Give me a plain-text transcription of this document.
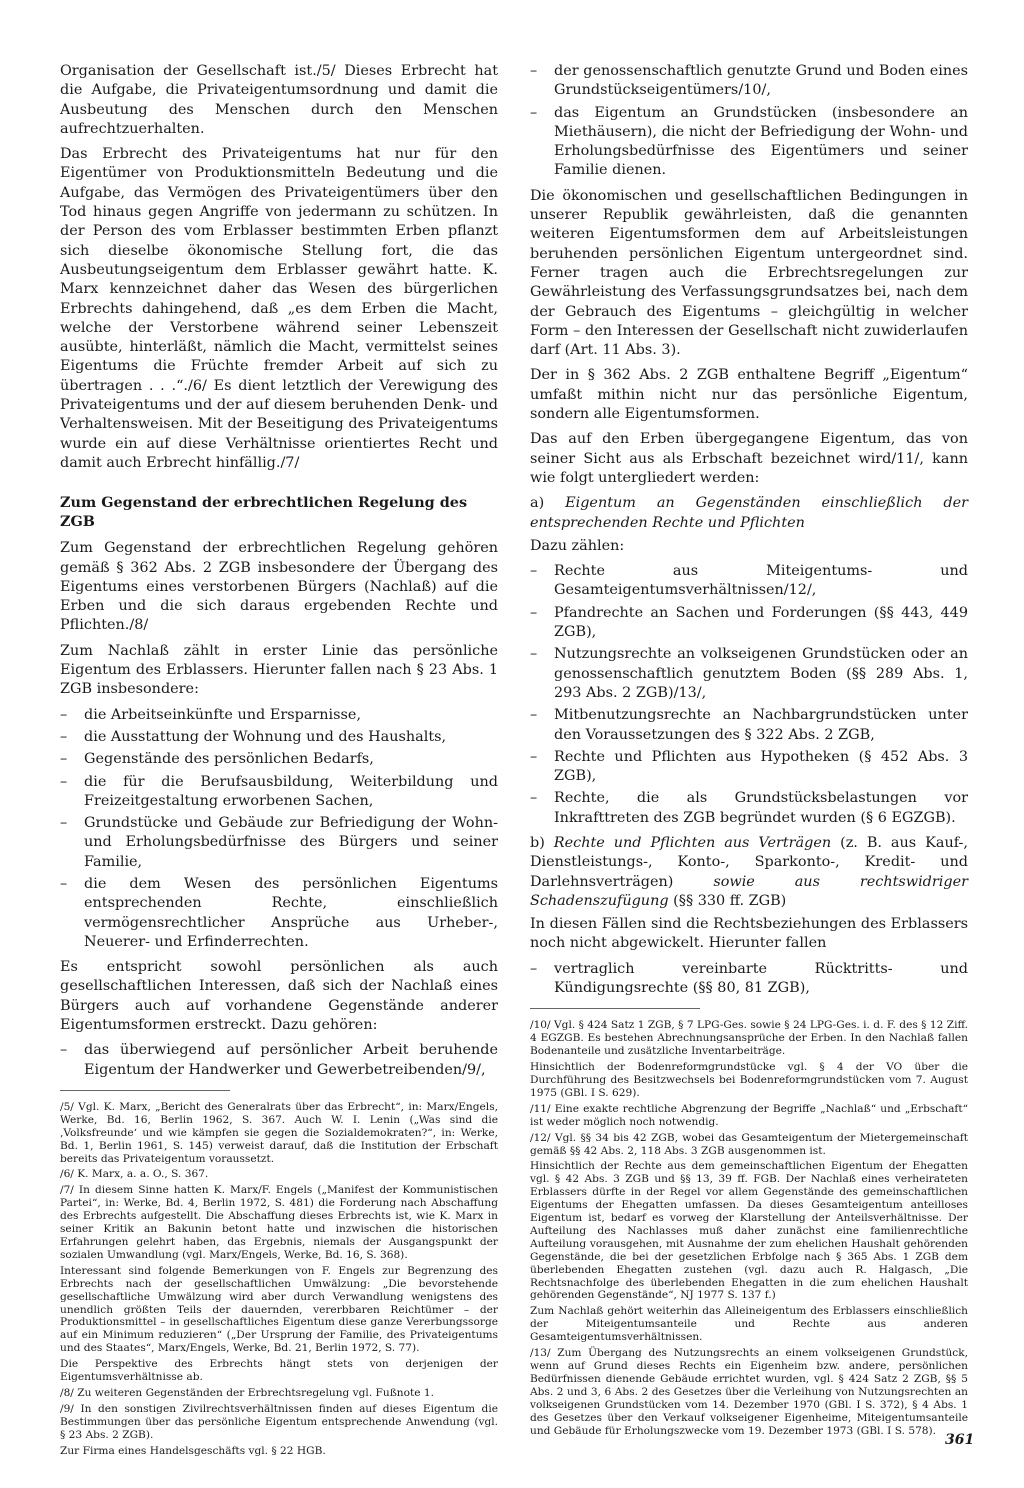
Organisation der Gesellschaft ist./5/ Dieses Erbrecht hat die Aufgabe, die Privateigentumsordnung und damit die Ausbeutung des Menschen durch den Menschen aufrechtzuerhalten.

Das Erbrecht des Privateigentums hat nur für den Eigentümer von Produktionsmitteln Bedeutung und die Aufgabe, das Vermögen des Privateigentümers über den Tod hinaus gegen Angriffe von jedermann zu schützen. In der Person des vom Erblasser bestimmten Erben pflanzt sich dieselbe ökonomische Stellung fort, die das Ausbeutungseigentum dem Erblasser gewährt hatte. K. Marx kennzeichnet daher das Wesen des bürgerlichen Erbrechts dahingehend, daß „es dem Erben die Macht, welche der Verstorbene während seiner Lebenszeit ausübte, hinterläßt, nämlich die Macht, vermittelst seines Eigentums die Früchte fremder Arbeit auf sich zu übertragen . . .“./6/ Es dient letztlich der Verewigung des Privateigentums und der auf diesem beruhenden Denk- und Verhaltensweisen. Mit der Beseitigung des Privateigentums wurde ein auf diese Verhältnisse orientiertes Recht und damit auch Erbrecht hinfällig./7/

Zum Gegenstand der erbrechtlichen Regelung des ZGB

Zum Gegenstand der erbrechtlichen Regelung gehören gemäß § 362 Abs. 2 ZGB insbesondere der Übergang des Eigentums eines verstorbenen Bürgers (Nachlaß) auf die Erben und die sich daraus ergebenden Rechte und Pflichten./8/

Zum Nachlaß zählt in erster Linie das persönliche Eigentum des Erblassers. Hierunter fallen nach § 23 Abs. 1 ZGB insbesondere:

– die Arbeitseinkünfte und Ersparnisse,
– die Ausstattung der Wohnung und des Haushalts,
– Gegenstände des persönlichen Bedarfs,
– die für die Berufsausbildung, Weiterbildung und Freizeitgestaltung erworbenen Sachen,
– Grundstücke und Gebäude zur Befriedigung der Wohn- und Erholungsbedürfnisse des Bürgers und seiner Familie,
– die dem Wesen des persönlichen Eigentums entsprechenden Rechte, einschließlich vermögensrechtlicher Ansprüche aus Urheber-, Neuerer- und Erfinderrechten.

Es entspricht sowohl persönlichen als auch gesellschaftlichen Interessen, daß sich der Nachlaß eines Bürgers auch auf vorhandene Gegenstände anderer Eigentumsformen erstreckt. Dazu gehören:

– das überwiegend auf persönlicher Arbeit beruhende Eigentum der Handwerker und Gewerbetreibenden/9/,

/5/ Vgl. K. Marx, „Bericht des Generalrats über das Erbrecht“, in: Marx/Engels, Werke, Bd. 16, Berlin 1962, S. 367. Auch W. I. Lenin („Was sind die ‚Volksfreunde‘ und wie kämpfen sie gegen die Sozialdemokraten?“, in: Werke, Bd. 1, Berlin 1961, S. 145) verweist darauf, daß die Institution der Erbschaft bereits das Privateigentum voraussetzt.

/6/ K. Marx, a. a. O., S. 367.

/7/ In diesem Sinne hatten K. Marx/F. Engels („Manifest der Kommunistischen Partei“, in: Werke, Bd. 4, Berlin 1972, S. 481) die Forderung nach Abschaffung des Erbrechts aufgestellt. Die Abschaffung dieses Erbrechts ist, wie K. Marx in seiner Kritik an Bakunin betont hatte und inzwischen die historischen Erfahrungen gelehrt haben, das Ergebnis, niemals der Ausgangspunkt der sozialen Umwandlung (vgl. Marx/Engels, Werke, Bd. 16, S. 368).

Interessant sind folgende Bemerkungen von F. Engels zur Begrenzung des Erbrechts nach der gesellschaftlichen Umwälzung: „Die bevorstehende gesellschaftliche Umwälzung wird aber durch Verwandlung wenigstens des unendlich größten Teils der dauernden, vererbbaren Reichtümer – der Produktionsmittel – in gesellschaftliches Eigentum diese ganze Vererbungssorge auf ein Minimum reduzieren“ („Der Ursprung der Familie, des Privateigentums und des Staates“, Marx/Engels, Werke, Bd. 21, Berlin 1972, S. 77).

Die Perspektive des Erbrechts hängt stets von derjenigen der Eigentumsverhältnisse ab.

/8/ Zu weiteren Gegenständen der Erbrechtsregelung vgl. Fußnote 1.

/9/ In den sonstigen Zivilrechtsverhältnissen finden auf dieses Eigentum die Bestimmungen über das persönliche Eigentum entsprechende Anwendung (vgl. § 23 Abs. 2 ZGB).

Zur Firma eines Handelsgeschäfts vgl. § 22 HGB.

– der genossenschaftlich genutzte Grund und Boden eines Grundstückseigentümers/10/,
– das Eigentum an Grundstücken (insbesondere an Miethäusern), die nicht der Befriedigung der Wohn- und Erholungsbedürfnisse des Eigentümers und seiner Familie dienen.

Die ökonomischen und gesellschaftlichen Bedingungen in unserer Republik gewährleisten, daß die genannten weiteren Eigentumsformen dem auf Arbeitsleistungen beruhenden persönlichen Eigentum untergeordnet sind. Ferner tragen auch die Erbrechtsregelungen zur Gewährleistung des Verfassungsgrundsatzes bei, nach dem der Gebrauch des Eigentums – gleichgültig in welcher Form – den Interessen der Gesellschaft nicht zuwiderlaufen darf (Art. 11 Abs. 3).

Der in § 362 Abs. 2 ZGB enthaltene Begriff „Eigentum“ umfaßt mithin nicht nur das persönliche Eigentum, sondern alle Eigentumsformen.

Das auf den Erben übergegangene Eigentum, das von seiner Sicht aus als Erbschaft bezeichnet wird/11/, kann wie folgt untergliedert werden:

a) Eigentum an Gegenständen einschließlich der entsprechenden Rechte und Pflichten

Dazu zählen:

– Rechte aus Miteigentums- und Gesamteigentumsverhältnissen/12/,
– Pfandrechte an Sachen und Forderungen (§§ 443, 449 ZGB),
– Nutzungsrechte an volkseigenen Grundstücken oder an genossenschaftlich genutztem Boden (§§ 289 Abs. 1, 293 Abs. 2 ZGB)/13/,
– Mitbenutzungsrechte an Nachbargrundstücken unter den Voraussetzungen des § 322 Abs. 2 ZGB,
– Rechte und Pflichten aus Hypotheken (§ 452 Abs. 3 ZGB),
– Rechte, die als Grundstücksbelastungen vor Inkrafttreten des ZGB begründet wurden (§ 6 EGZGB).

b) Rechte und Pflichten aus Verträgen (z. B. aus Kauf-, Dienstleistungs-, Konto-, Sparkonto-, Kredit- und Darlehnsverträgen) sowie aus rechtswidriger Schadenszufügung (§§ 330 ff. ZGB)

In diesen Fällen sind die Rechtsbeziehungen des Erblassers noch nicht abgewickelt. Hierunter fallen

– vertraglich vereinbarte Rücktritts- und Kündigungsrechte (§§ 80, 81 ZGB),

/10/ Vgl. § 424 Satz 1 ZGB, § 7 LPG-Ges. sowie § 24 LPG-Ges. i. d. F. des § 12 Ziff. 4 EGZGB. Es bestehen Abrechnungsansprüche der Erben. In den Nachlaß fallen Bodenanteile und zusätzliche Inventarbeiträge.

Hinsichtlich der Bodenreformgrundstücke vgl. § 4 der VO über die Durchführung des Besitzwechsels bei Bodenreformgrundstücken vom 7. August 1975 (GBl. I S. 629).

/11/ Eine exakte rechtliche Abgrenzung der Begriffe „Nachlaß“ und „Erbschaft“ ist weder möglich noch notwendig.

/12/ Vgl. §§ 34 bis 42 ZGB, wobei das Gesamteigentum der Mietergemeinschaft gemäß §§ 42 Abs. 2, 118 Abs. 3 ZGB ausgenommen ist.

Hinsichtlich der Rechte aus dem gemeinschaftlichen Eigentum der Ehegatten vgl. § 42 Abs. 3 ZGB und §§ 13, 39 ff. FGB. Der Nachlaß eines verheirateten Erblassers dürfte in der Regel vor allem Gegenstände des gemeinschaftlichen Eigentums der Ehegatten umfassen. Da dieses Gesamteigentum anteilloses Eigentum ist, bedarf es vorweg der Klarstellung der Anteilsverhältnisse. Der Aufteilung des Nachlasses muß daher zunächst eine familienrechtliche Aufteilung vorausgehen, mit Ausnahme der zum ehelichen Haushalt gehörenden Gegenstände, die bei der gesetzlichen Erbfolge nach § 365 Abs. 1 ZGB dem überlebenden Ehegatten zustehen (vgl. dazu auch R. Halgasch, „Die Rechtsnachfolge des überlebenden Ehegatten in die zum ehelichen Haushalt gehörenden Gegenstände“, NJ 1977 S. 137 f.)

Zum Nachlaß gehört weiterhin das Alleineigentum des Erblassers einschließlich der Miteigentumsanteile und Rechte aus anderen Gesamteigentumsverhältnissen.

/13/ Zum Übergang des Nutzungsrechts an einem volkseigenen Grundstück, wenn auf Grund dieses Rechts ein Eigenheim bzw. andere, persönlichen Bedürfnissen dienende Gebäude errichtet wurden, vgl. § 424 Satz 2 ZGB, §§ 5 Abs. 2 und 3, 6 Abs. 2 des Gesetzes über die Verleihung von Nutzungsrechten an volkseigenen Grundstücken vom 14. Dezember 1970 (GBl. I S. 372), § 4 Abs. 1 des Gesetzes über den Verkauf volkseigener Eigenheime, Miteigentumsanteile und Gebäude für Erholungszwecke vom 19. Dezember 1973 (GBl. I S. 578).

361
